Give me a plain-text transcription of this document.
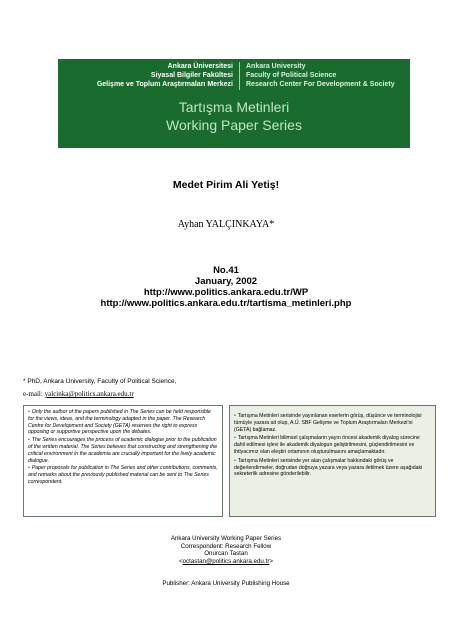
Ankara Üniversitesi
Siyasal Bilgiler Fakültesi
Gelişme ve Toplum Araştırmaları Merkezi
Ankara University
Faculty of Political Science
Research Center For Development & Society
Tartışma Metinleri
Working Paper Series
Medet Pirim Ali Yetiş!
Ayhan YALÇINKAYA*
No.41
January, 2002
http://www.politics.ankara.edu.tr/WP
http://www.politics.ankara.edu.tr/tartisma_metinleri.php
* PhD, Ankara University, Faculty of Political Science,
e-mail: yalcinka@politics.ankara.edu.tr
• Only the author of the papers published in The Series can be held responsible for the views, ideas, and the terminology adapted in the paper. The Research Centre for Development and Society (GETA) reserves the right to express opposing or supportive perspective upon the debates.
• The Series encourages the process of academic dialogue prior to the publication of the written material. The Series believes that constructing and strengthening the critical environment in the academia are crucially important for the lively academic dialogue.
• Paper proposals for publication in The Series and other contributions, comments, and remarks about the previously published material can be sent to The Series correspondent.
• Tartışma Metinleri serisinde yayınlanan eserlerin görüş, düşünce ve terminolojisi tümüyle yazara ait olup, A.Ü. SBF Gelişme ve Toplum Araştırmaları Merkezi'ni (GETA) bağlamaz.
• Tartışma Metinleri bilimsel çalışmaların yayın öncesi akademik diyalog sürecine dahil edilmesi işlevi ile akademik diyalogun geliştirilmesini, güçlendirilmesini ve ihtiyacımız olan eleştiri ortamının oluşturulmasını amaçlamaktadır.
• Tartışma Metinleri serisinde yer alan çalışmalar hakkındaki görüş ve değerlendirmeler, doğrudan doğruya yazara veya yazara iletilmek üzere aşağıdaki sekreterlik adresine gönderilebilir.
Ankara University Working Paper Series
Correspondent: Research Fellow
Onurcan Tastan
<octastan@politics.ankara.edu.tr>
Publisher: Ankara University Publishing House
